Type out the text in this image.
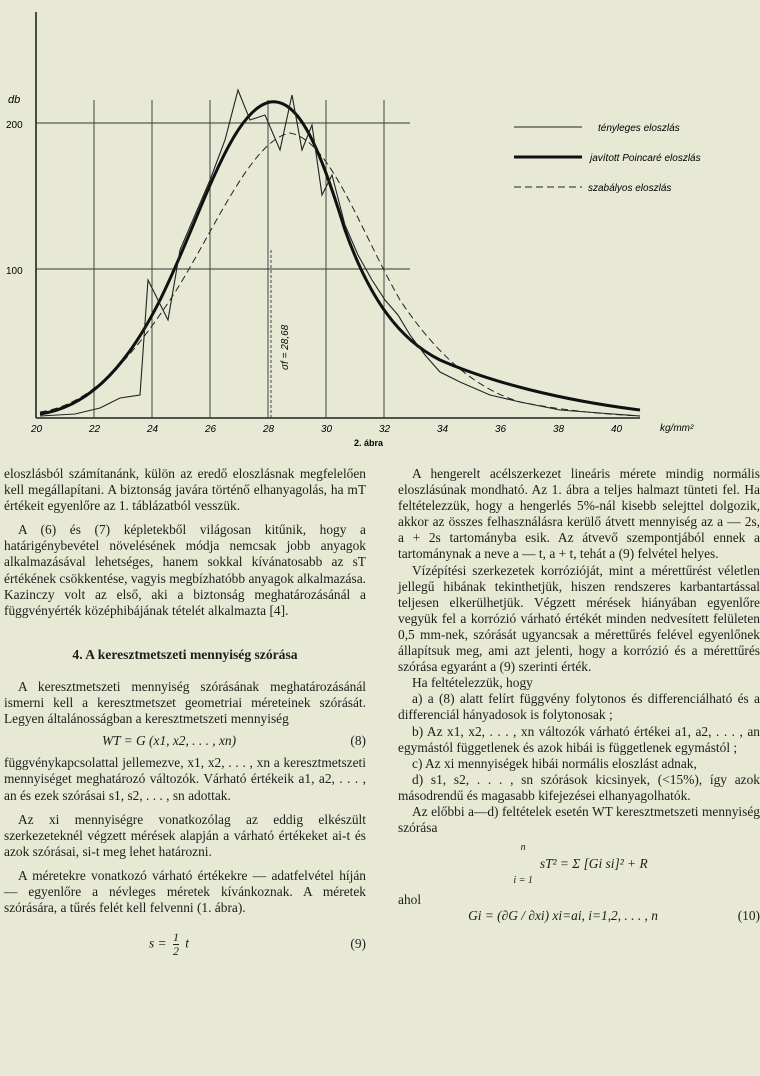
σf = 28,68
db
200
100
20	22	24	26	28	30	32	34	36	38	40	kg/mm²
2. ábra
tényleges eloszlás
javított Poincaré eloszlás
szabályos eloszlás

eloszlásból számítanánk, külön az eredő eloszlásnak megfelelően kell megállapítani. A biztonság javára történő elhanyagolás, ha mT értékeit egyenlőre az 1. táblázatból vesszük.

A (6) és (7) képletekből világosan kitűnik, hogy a határigénybevétel növelésének módja nemcsak jobb anyagok alkalmazásával lehetséges, hanem sokkal kívánatosabb az sT értékének csökkentése, vagyis megbízhatóbb anyagok alkalmazása. Kazinczy volt az első, aki a biztonság meghatározásánál a függvényérték középhibájának tételét alkalmazta [4].

4. A keresztmetszeti mennyiség szórása

A keresztmetszeti mennyiség szórásának meghatározásánál ismerni kell a keresztmetszet geometriai méreteinek szórását. Legyen általánosságban a keresztmetszeti mennyiség

WT = G (x1, x2, . . . , xn)	(8)

függvénykapcsolattal jellemezve, x1, x2, . . . , xn a keresztmetszeti mennyiséget meghatározó változók. Várható értékeik a1, a2, . . . , an és ezek szórásai s1, s2, . . . , sn adottak.

Az xi mennyiségre vonatkozólag az eddig elkészült szerkezeteknél végzett mérések alapján a várható értékeket ai-t és azok szórásai, si-t meg lehet határozni.

A méretekre vonatkozó várható értékekre — adatfelvétel híján — egyenlőre a névleges méretek kívánkoznak. A méretek szórására, a tűrés felét kell felvenni (1. ábra).

$s = \frac{1}{2}$ t	(9)

A hengerelt acélszerkezet lineáris mérete mindig normális eloszlásúnak mondható. Az 1. ábra a teljes halmazt tünteti fel. Ha feltételezzük, hogy a hengerlés 5%-nál kisebb selejttel dolgozik, akkor az összes felhasználásra kerülő átvett mennyiség az a — 2s, a + 2s tartományba esik. Az átvevő szempontjából ennek a tartománynak a neve a — t, a + t, tehát a (9) felvétel helyes.

Vízépítési szerkezetek korrózióját, mint a mérettűrést véletlen jellegű hibának tekinthetjük, hiszen rendszeres karbantartással teljesen elkerülhetjük. Végzett mérések hiányában egyenlőre vegyük fel a korrózió várható értékét minden nedvesített felületen 0,5 mm-nek, szórását ugyancsak a mérettűrés felével egyenlőnek állapítsuk meg, ami azt jelenti, hogy a korrózió és a mérettűrés szórása egyaránt a (9) szerinti érték.

Ha feltételezzük, hogy

a) a (8) alatt felírt függvény folytonos és differenciálható és a differenciál hányadosok is folytonosak ;

b) Az x1, x2, . . . , xn változók várható értékei a1, a2, . . . , an egymástól függetlenek és azok hibái is függetlenek egymástól ;

c) Az xi mennyiségek hibái normális eloszlást adnak,

d) s1, s2, . . . , sn szórások kicsinyek, (<15%), így azok másodrendű és magasabb kifejezései elhanyagolhatók.

Az előbbi a—d) feltételek esetén WT keresztmetszeti mennyiség szórása

n
i = 1
sT² = Σ [Gi si]² + R

ahol

Gi = (∂G / ∂xi) xi=ai, i=1,2, . . . , n	(10)
